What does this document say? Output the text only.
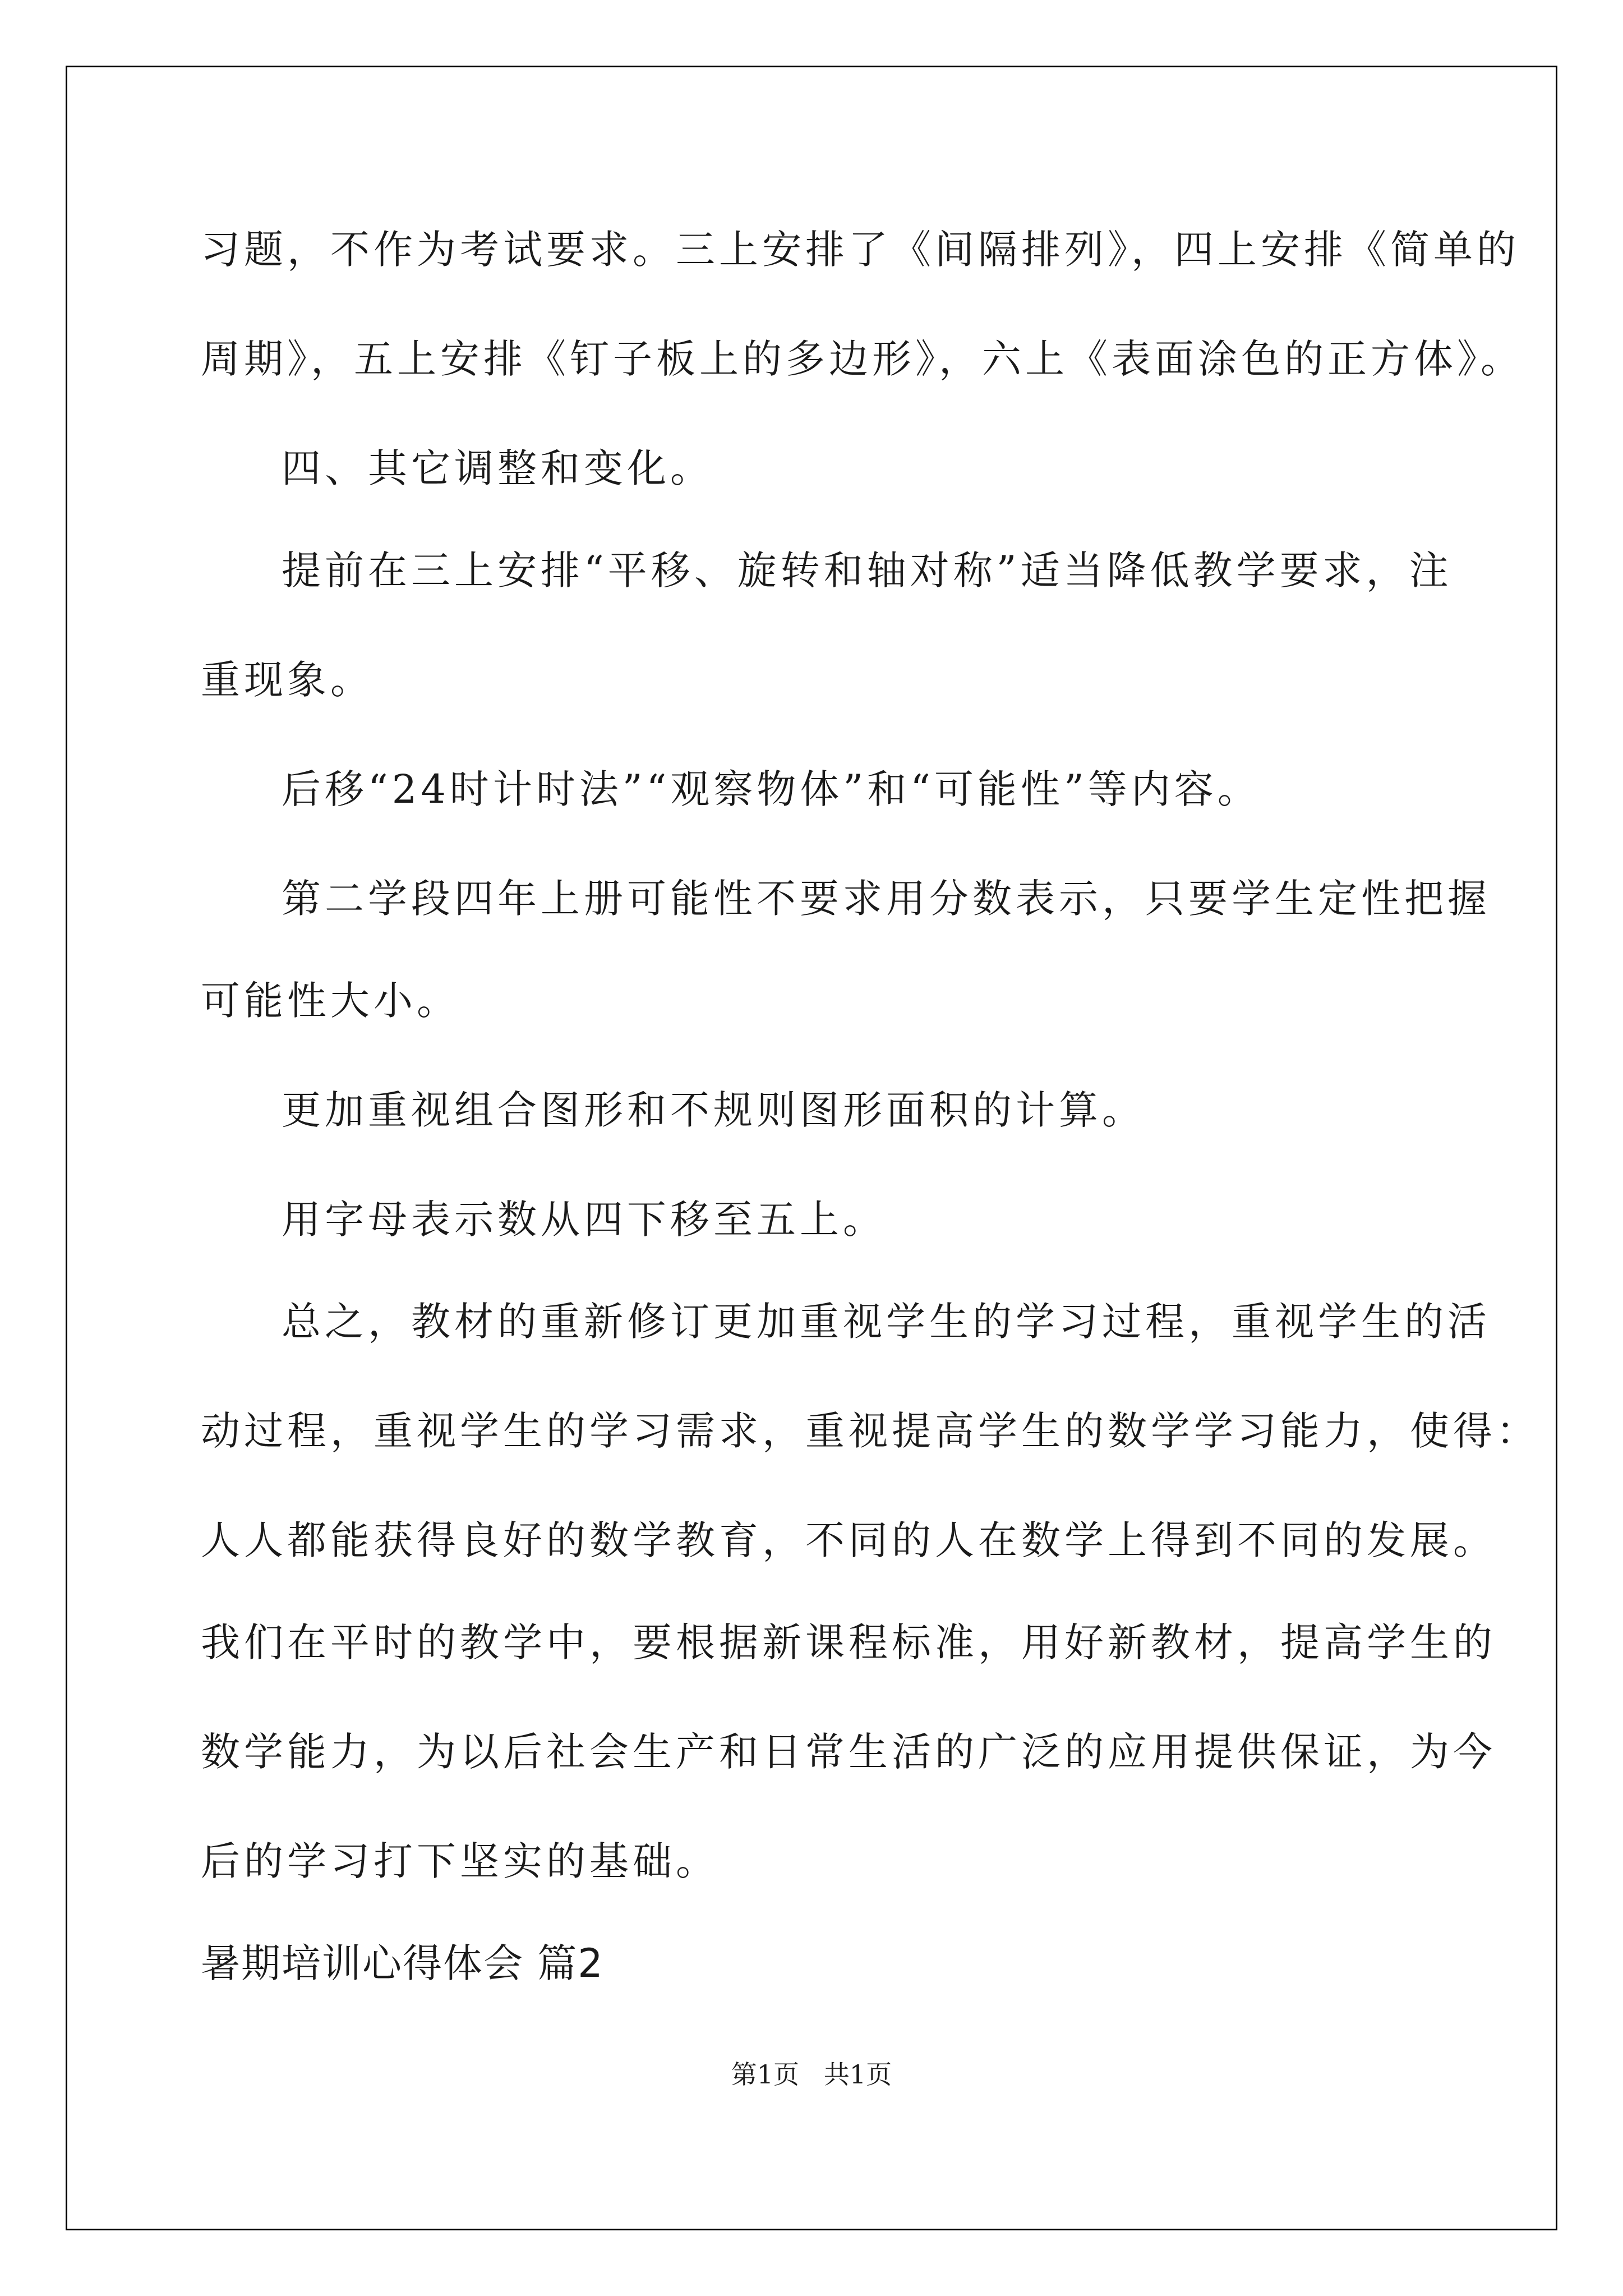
习题，不作为考试要求。三上安排了《间隔排列》，四上安排《简单的
周期》，五上安排《钉子板上的多边形》，六上《表面涂色的正方体》。
四、其它调整和变化。
提前在三上安排“平移、旋转和轴对称”适当降低教学要求，注
重现象。
后移“24时计时法”“观察物体”和“可能性”等内容。
第二学段四年上册可能性不要求用分数表示，只要学生定性把握
可能性大小。
更加重视组合图形和不规则图形面积的计算。
用字母表示数从四下移至五上。
总之，教材的重新修订更加重视学生的学习过程，重视学生的活
动过程，重视学生的学习需求，重视提高学生的数学学习能力，使得：
人人都能获得良好的数学教育，不同的人在数学上得到不同的发展。
我们在平时的教学中，要根据新课程标准，用好新教材，提高学生的
数学能力，为以后社会生产和日常生活的广泛的应用提供保证，为今
后的学习打下坚实的基础。
暑期培训心得体会 篇2
第1页   共1页
